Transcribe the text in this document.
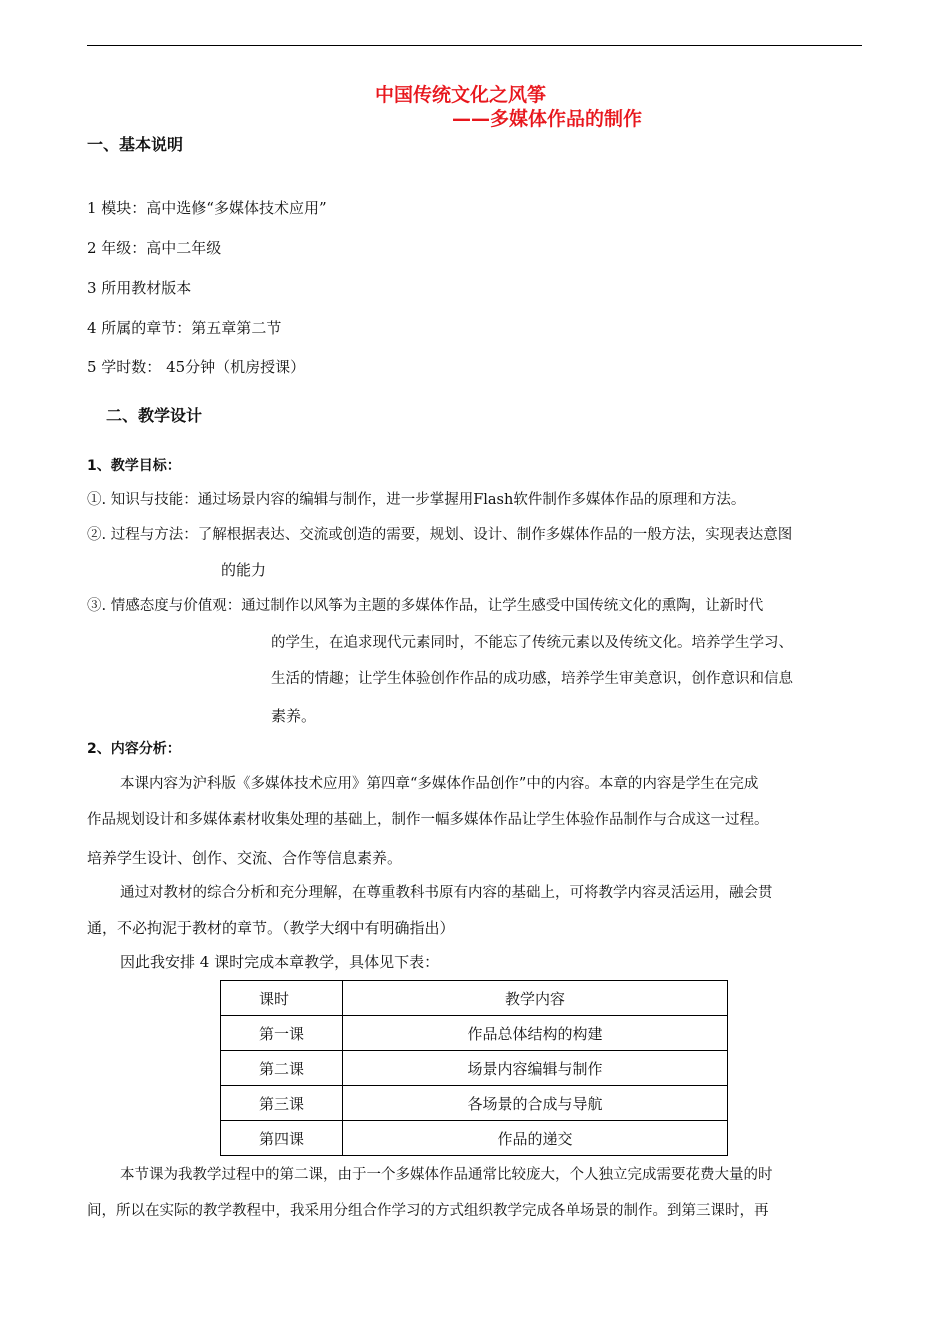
中国传统文化之风筝
——多媒体作品的制作
一、基本说明
1 模块：高中选修“多媒体技术应用”
2 年级：高中二年级
3 所用教材版本
4 所属的章节：第五章第二节
5 学时数： 45分钟（机房授课）
二、教学设计
1、教学目标：
①. 知识与技能：通过场景内容的编辑与制作，进一步掌握用Flash软件制作多媒体作品的原理和方法。
②. 过程与方法：了解根据表达、交流或创造的需要，规划、设计、制作多媒体作品的一般方法，实现表达意图
的能力
③. 情感态度与价值观：通过制作以风筝为主题的多媒体作品，让学生感受中国传统文化的熏陶，让新时代
的学生，在追求现代元素同时，不能忘了传统元素以及传统文化。培养学生学习、
生活的情趣；让学生体验创作作品的成功感，培养学生审美意识，创作意识和信息
素养。
2、内容分析：
本课内容为沪科版《多媒体技术应用》第四章“多媒体作品创作”中的内容。本章的内容是学生在完成
作品规划设计和多媒体素材收集处理的基础上，制作一幅多媒体作品让学生体验作品制作与合成这一过程。
培养学生设计、创作、交流、合作等信息素养。
通过对教材的综合分析和充分理解，在尊重教科书原有内容的基础上，可将教学内容灵活运用，融会贯
通，不必拘泥于教材的章节。（教学大纲中有明确指出）
因此我安排 4 课时完成本章教学，具体见下表：
课时	教学内容
第一课	作品总体结构的构建
第二课	场景内容编辑与制作
第三课	各场景的合成与导航
第四课	作品的递交
本节课为我教学过程中的第二课，由于一个多媒体作品通常比较庞大，个人独立完成需要花费大量的时
间，所以在实际的教学教程中，我采用分组合作学习的方式组织教学完成各单场景的制作。到第三课时，再
